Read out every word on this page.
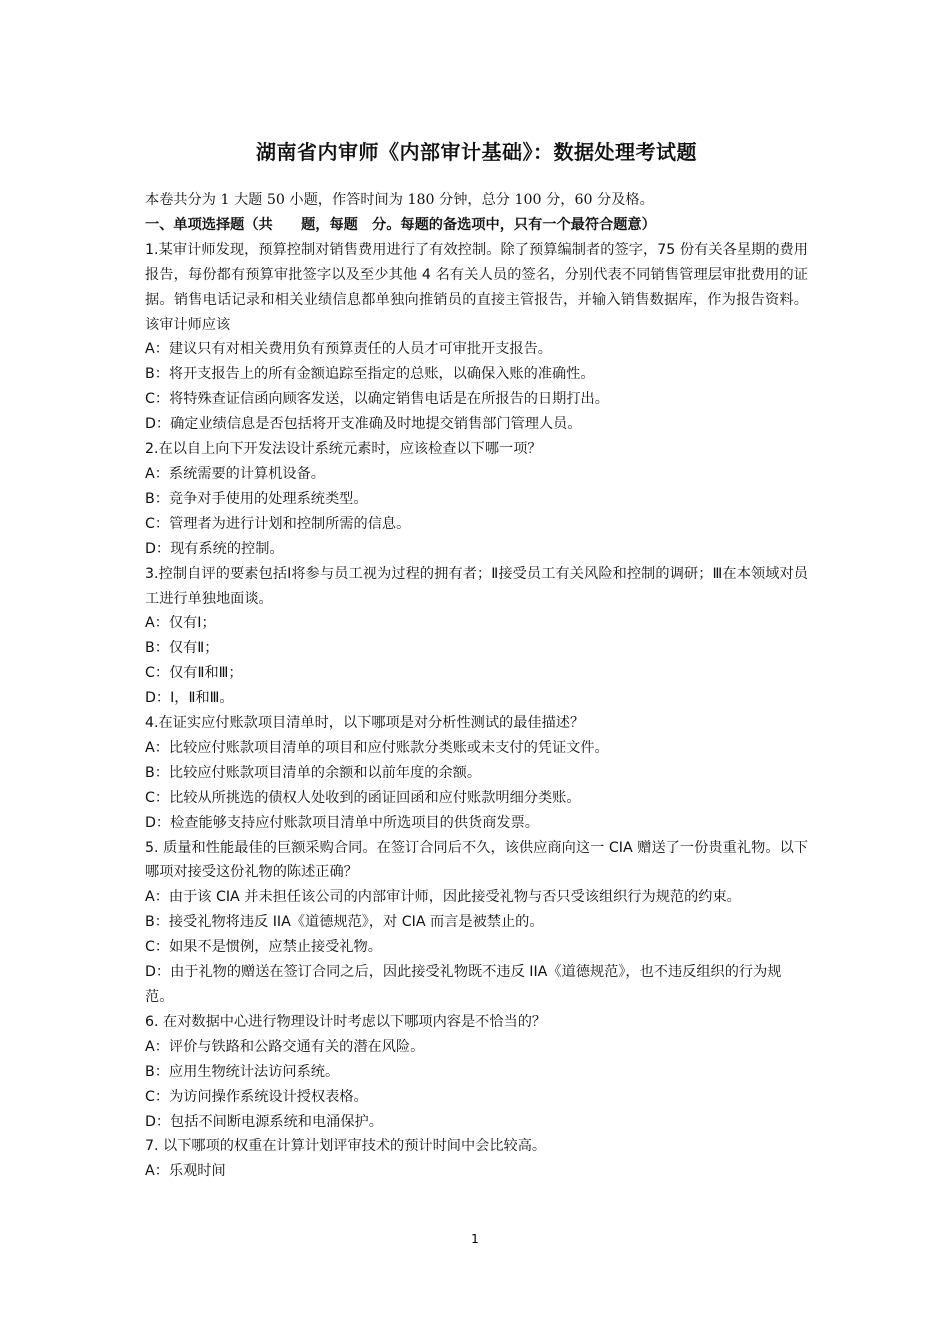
湖南省内审师《内部审计基础》：数据处理考试题

本卷共分为 1 大题 50 小题，作答时间为 180 分钟，总分 100 分，60 分及格。

一、单项选择题（共　　题，每题　分。每题的备选项中，只有一个最符合题意）

1.某审计师发现，预算控制对销售费用进行了有效控制。除了预算编制者的签字，75 份有关各星期的费用报告，每份都有预算审批签字以及至少其他 4 名有关人员的签名，分别代表不同销售管理层审批费用的证据。销售电话记录和相关业绩信息都单独向推销员的直接主管报告，并输入销售数据库，作为报告资料。该审计师应该

A：建议只有对相关费用负有预算责任的人员才可审批开支报告。

B：将开支报告上的所有金额追踪至指定的总账，以确保入账的准确性。

C：将特殊查证信函向顾客发送，以确定销售电话是在所报告的日期打出。

D：确定业绩信息是否包括将开支准确及时地提交销售部门管理人员。

2.在以自上向下开发法设计系统元素时，应该检查以下哪一项？

A：系统需要的计算机设备。

B：竞争对手使用的处理系统类型。

C：管理者为进行计划和控制所需的信息。

D：现有系统的控制。

3.控制自评的要素包括Ⅰ将参与员工视为过程的拥有者；Ⅱ接受员工有关风险和控制的调研；Ⅲ在本领域对员工进行单独地面谈。

A：仅有Ⅰ；

B：仅有Ⅱ；

C：仅有Ⅱ和Ⅲ；

D：Ⅰ，Ⅱ和Ⅲ。

4.在证实应付账款项目清单时，以下哪项是对分析性测试的最佳描述？

A：比较应付账款项目清单的项目和应付账款分类账或未支付的凭证文件。

B：比较应付账款项目清单的余额和以前年度的余额。

C：比较从所挑选的债权人处收到的函证回函和应付账款明细分类账。

D：检查能够支持应付账款项目清单中所选项目的供货商发票。

5. 质量和性能最佳的巨额采购合同。在签订合同后不久，该供应商向这一 CIA 赠送了一份贵重礼物。以下哪项对接受这份礼物的陈述正确？

A：由于该 CIA 并未担任该公司的内部审计师，因此接受礼物与否只受该组织行为规范的约束。

B：接受礼物将违反 IIA《道德规范》，对 CIA 而言是被禁止的。

C：如果不是惯例，应禁止接受礼物。

D：由于礼物的赠送在签订合同之后，因此接受礼物既不违反 IIA《道德规范》，也不违反组织的行为规范。

6. 在对数据中心进行物理设计时考虑以下哪项内容是不恰当的？

A：评价与铁路和公路交通有关的潜在风险。

B：应用生物统计法访问系统。

C：为访问操作系统设计授权表格。

D：包括不间断电源系统和电涌保护。

7. 以下哪项的权重在计算计划评审技术的预计时间中会比较高。

A：乐观时间

1
